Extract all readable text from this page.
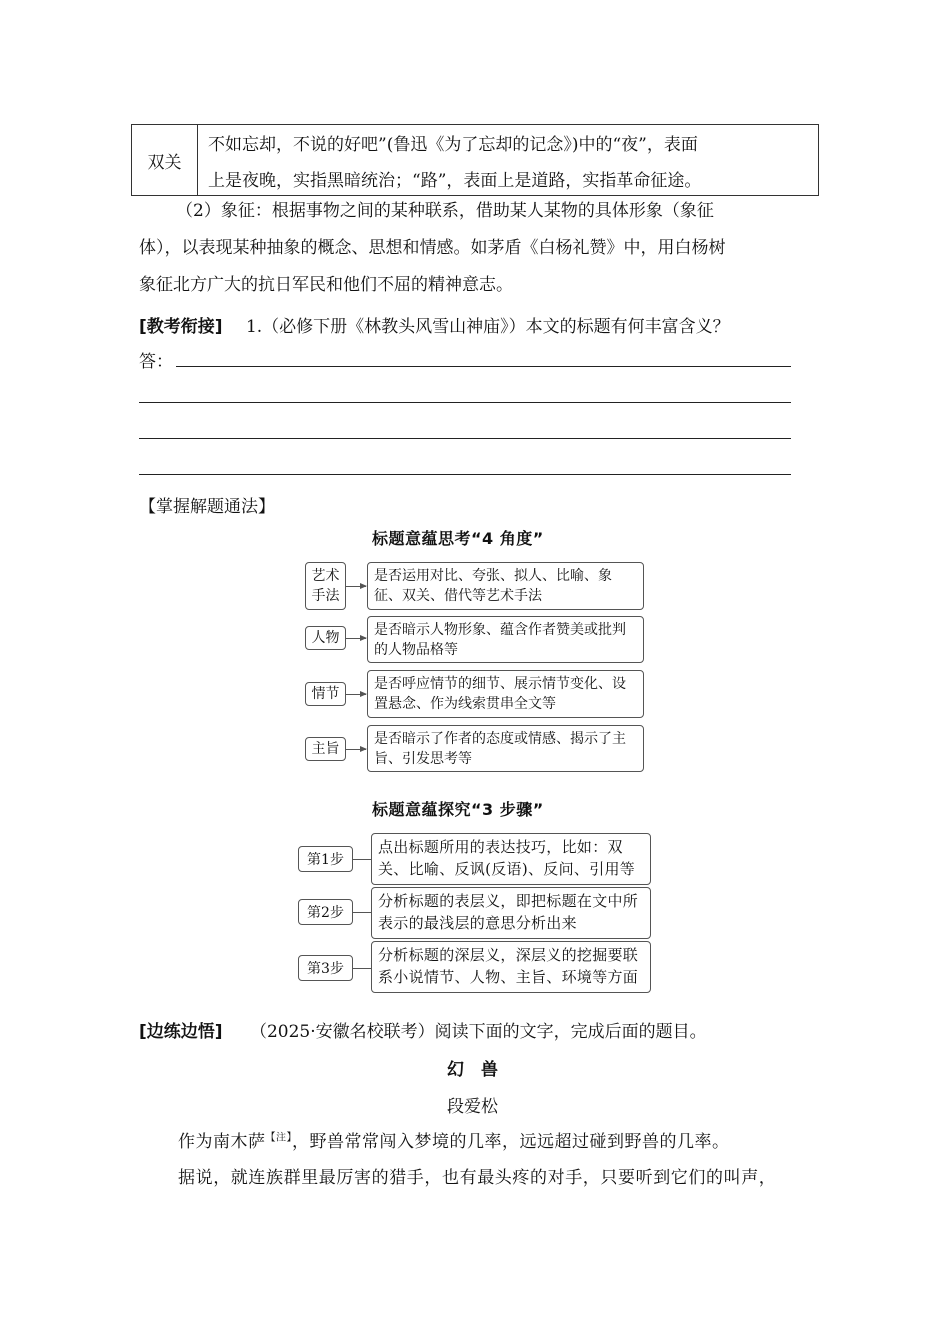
双关
不如忘却，不说的好吧”(鲁迅《为了忘却的记念》)中的“夜”，表面
上是夜晚，实指黑暗统治；“路”，表面上是道路，实指革命征途。
（2）象征：根据事物之间的某种联系，借助某人某物的具体形象（象征
体），以表现某种抽象的概念、思想和情感。如茅盾《白杨礼赞》中，用白杨树
象征北方广大的抗日军民和他们不屈的精神意志。
[教考衔接] 1.（必修下册《林教头风雪山神庙》）本文的标题有何丰富含义？
答：
【掌握解题通法】
标题意蕴思考“4 角度”
艺术
手法
是否运用对比、夸张、拟人、比喻、象征、双关、借代等艺术手法
人物
是否暗示人物形象、蕴含作者赞美或批判的人物品格等
情节
是否呼应情节的细节、展示情节变化、设置悬念、作为线索贯串全文等
主旨
是否暗示了作者的态度或情感、揭示了主旨、引发思考等
标题意蕴探究“3 步骤”
第1步
点出标题所用的表达技巧，比如：双关、比喻、反讽(反语)、反问、引用等
第2步
分析标题的表层义，即把标题在文中所表示的最浅层的意思分析出来
第3步
分析标题的深层义，深层义的挖掘要联系小说情节、人物、主旨、环境等方面
[边练边悟] （2025·安徽名校联考）阅读下面的文字，完成后面的题目。
幻　兽
段爱松
作为南木萨$^{【注】}$，野兽常常闯入梦境的几率，远远超过碰到野兽的几率。
据说，就连族群里最厉害的猎手，也有最头疼的对手，只要听到它们的叫声，
